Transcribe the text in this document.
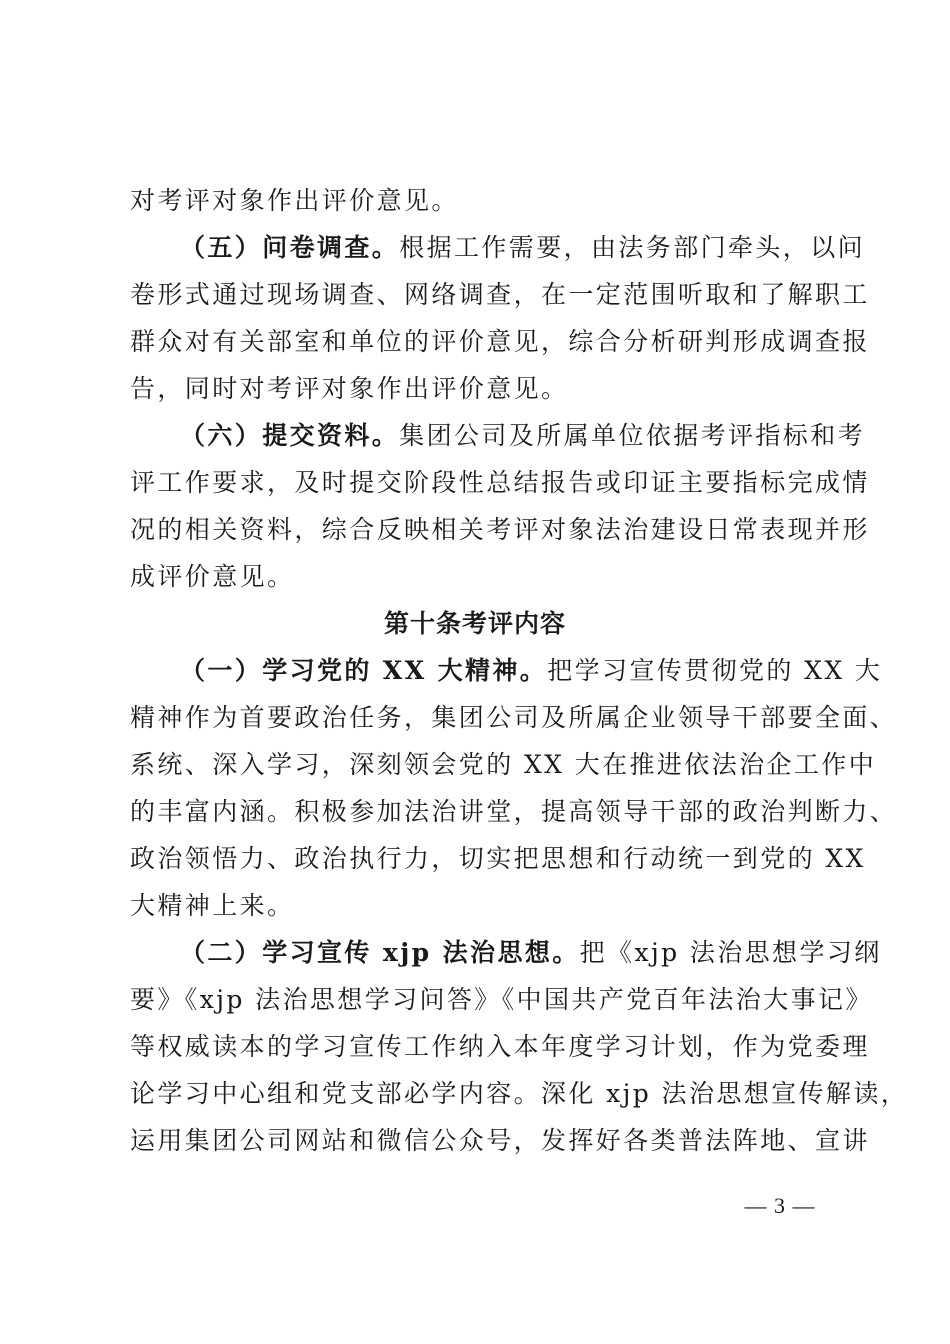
对考评对象作出评价意见。
（五）问卷调查。根据工作需要，由法务部门牵头，以问
卷形式通过现场调查、网络调查，在一定范围听取和了解职工
群众对有关部室和单位的评价意见，综合分析研判形成调查报
告，同时对考评对象作出评价意见。
（六）提交资料。集团公司及所属单位依据考评指标和考
评工作要求，及时提交阶段性总结报告或印证主要指标完成情
况的相关资料，综合反映相关考评对象法治建设日常表现并形
成评价意见。
第十条考评内容
（一）学习党的 XX 大精神。把学习宣传贯彻党的 XX 大
精神作为首要政治任务，集团公司及所属企业领导干部要全面、
系统、深入学习，深刻领会党的 XX 大在推进依法治企工作中
的丰富内涵。积极参加法治讲堂，提高领导干部的政治判断力、
政治领悟力、政治执行力，切实把思想和行动统一到党的 XX
大精神上来。
（二）学习宣传 xjp 法治思想。把《xjp 法治思想学习纲
要》《xjp 法治思想学习问答》《中国共产党百年法治大事记》
等权威读本的学习宣传工作纳入本年度学习计划，作为党委理
论学习中心组和党支部必学内容。深化 xjp 法治思想宣传解读，
运用集团公司网站和微信公众号，发挥好各类普法阵地、宣讲
— 3 —
